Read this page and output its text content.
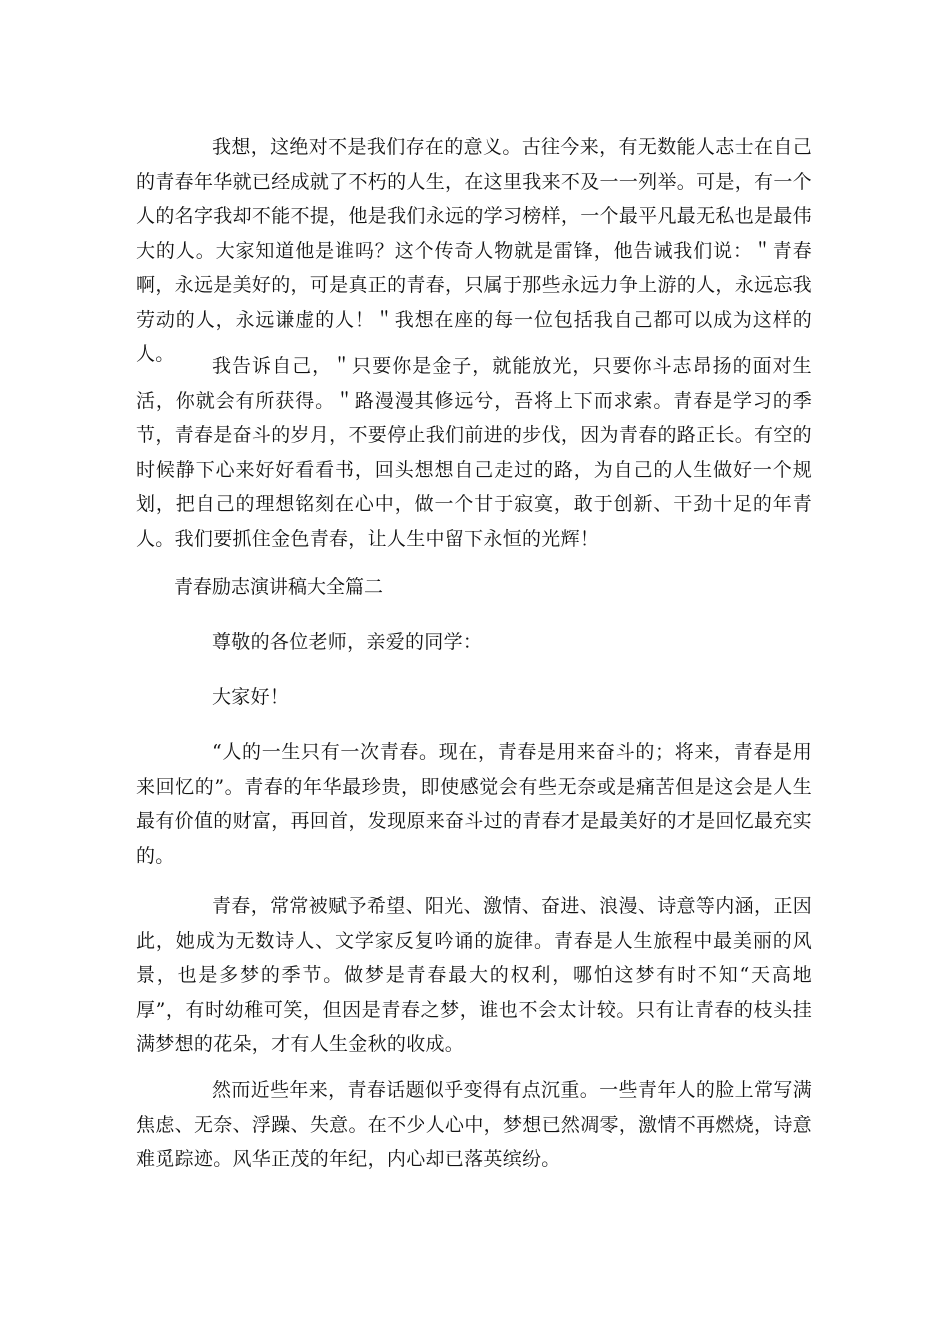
我想，这绝对不是我们存在的意义。古往今来，有无数能人志士在自己的青春年华就已经成就了不朽的人生，在这里我来不及一一列举。可是，有一个人的名字我却不能不提，他是我们永远的学习榜样，一个最平凡最无私也是最伟大的人。大家知道他是谁吗？这个传奇人物就是雷锋，他告诫我们说：＂青春啊，永远是美好的，可是真正的青春，只属于那些永远力争上游的人，永远忘我劳动的人，永远谦虚的人！＂我想在座的每一位包括我自己都可以成为这样的人。

我告诉自己，＂只要你是金子，就能放光，只要你斗志昂扬的面对生活，你就会有所获得。＂路漫漫其修远兮，吾将上下而求索。青春是学习的季节，青春是奋斗的岁月，不要停止我们前进的步伐，因为青春的路正长。有空的时候静下心来好好看看书，回头想想自己走过的路，为自己的人生做好一个规划，把自己的理想铭刻在心中，做一个甘于寂寞，敢于创新、干劲十足的年青人。我们要抓住金色青春，让人生中留下永恒的光辉！

青春励志演讲稿大全篇二

尊敬的各位老师，亲爱的同学：

大家好！

“人的一生只有一次青春。现在，青春是用来奋斗的；将来，青春是用来回忆的”。青春的年华最珍贵，即使感觉会有些无奈或是痛苦但是这会是人生最有价值的财富，再回首，发现原来奋斗过的青春才是最美好的才是回忆最充实的。

青春，常常被赋予希望、阳光、激情、奋进、浪漫、诗意等内涵，正因此，她成为无数诗人、文学家反复吟诵的旋律。青春是人生旅程中最美丽的风景，也是多梦的季节。做梦是青春最大的权利，哪怕这梦有时不知“天高地厚”，有时幼稚可笑，但因是青春之梦，谁也不会太计较。只有让青春的枝头挂满梦想的花朵，才有人生金秋的收成。

然而近些年来，青春话题似乎变得有点沉重。一些青年人的脸上常写满焦虑、无奈、浮躁、失意。在不少人心中，梦想已然凋零，激情不再燃烧，诗意难觅踪迹。风华正茂的年纪，内心却已落英缤纷。
